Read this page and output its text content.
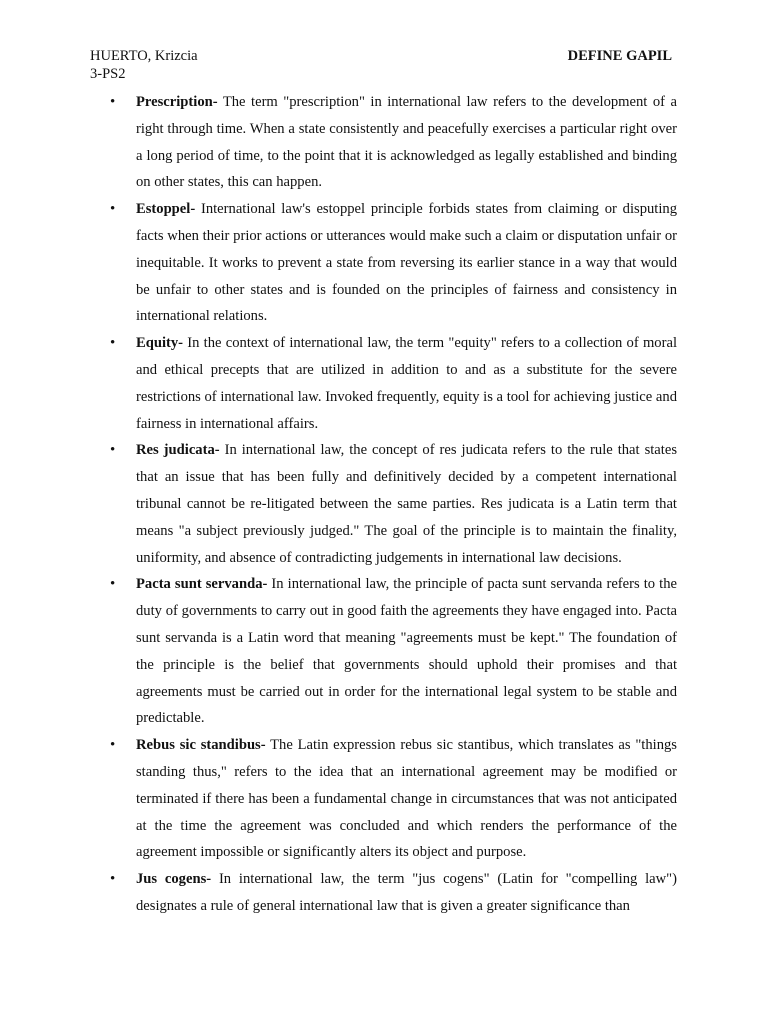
HUERTO, Krizcia
3-PS2
DEFINE GAPIL
• Prescription- The term "prescription" in international law refers to the development of a right through time. When a state consistently and peacefully exercises a particular right over a long period of time, to the point that it is acknowledged as legally established and binding on other states, this can happen.
• Estoppel- International law's estoppel principle forbids states from claiming or disputing facts when their prior actions or utterances would make such a claim or disputation unfair or inequitable. It works to prevent a state from reversing its earlier stance in a way that would be unfair to other states and is founded on the principles of fairness and consistency in international relations.
• Equity- In the context of international law, the term "equity" refers to a collection of moral and ethical precepts that are utilized in addition to and as a substitute for the severe restrictions of international law. Invoked frequently, equity is a tool for achieving justice and fairness in international affairs.
• Res judicata- In international law, the concept of res judicata refers to the rule that states that an issue that has been fully and definitively decided by a competent international tribunal cannot be re-litigated between the same parties. Res judicata is a Latin term that means "a subject previously judged." The goal of the principle is to maintain the finality, uniformity, and absence of contradicting judgements in international law decisions.
• Pacta sunt servanda- In international law, the principle of pacta sunt servanda refers to the duty of governments to carry out in good faith the agreements they have engaged into. Pacta sunt servanda is a Latin word that meaning "agreements must be kept." The foundation of the principle is the belief that governments should uphold their promises and that agreements must be carried out in order for the international legal system to be stable and predictable.
• Rebus sic standibus- The Latin expression rebus sic stantibus, which translates as "things standing thus," refers to the idea that an international agreement may be modified or terminated if there has been a fundamental change in circumstances that was not anticipated at the time the agreement was concluded and which renders the performance of the agreement impossible or significantly alters its object and purpose.
• Jus cogens- In international law, the term "jus cogens" (Latin for "compelling law") designates a rule of general international law that is given a greater significance than
